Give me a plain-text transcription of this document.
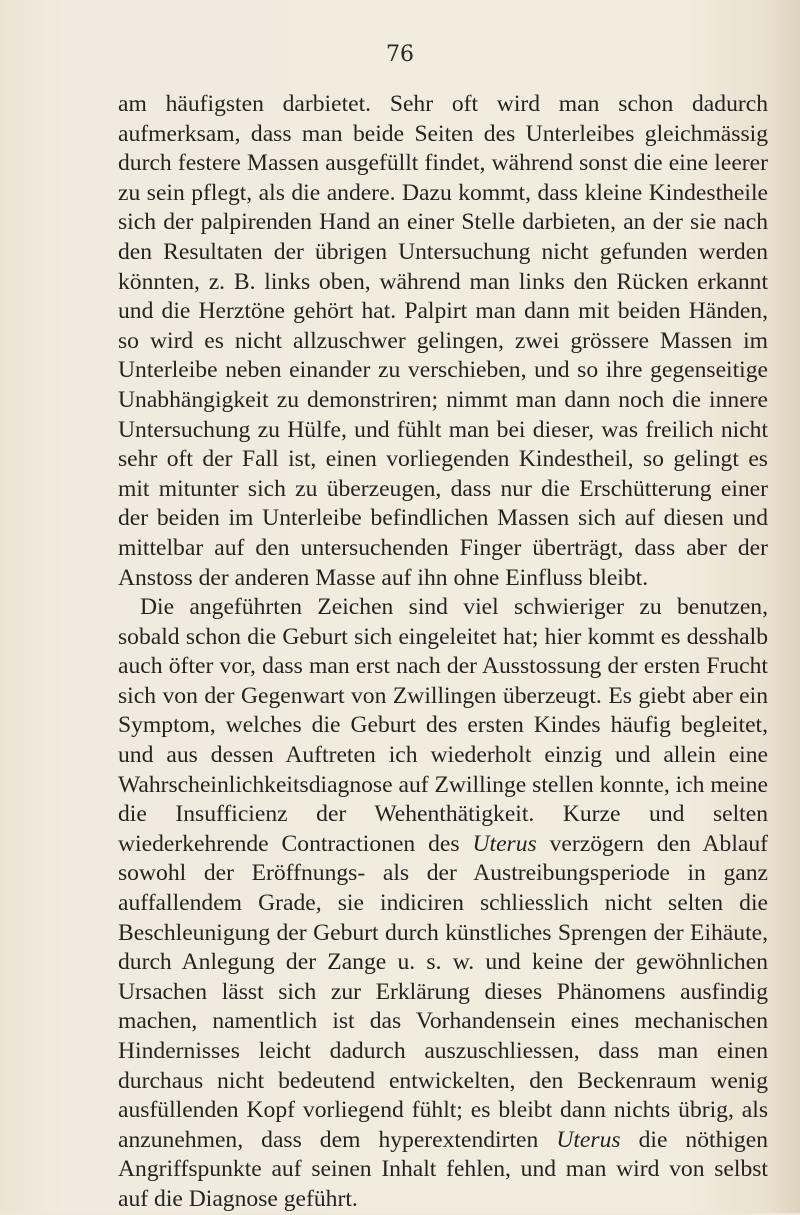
76

am häufigsten darbietet. Sehr oft wird man schon dadurch aufmerksam, dass man beide Seiten des Unterleibes gleichmässig durch festere Massen ausgefüllt findet, während sonst die eine leerer zu sein pflegt, als die andere. Dazu kommt, dass kleine Kindestheile sich der palpirenden Hand an einer Stelle darbieten, an der sie nach den Resultaten der übrigen Untersuchung nicht gefunden werden könnten, z. B. links oben, während man links den Rücken erkannt und die Herztöne gehört hat. Palpirt man dann mit beiden Händen, so wird es nicht allzuschwer gelingen, zwei grössere Massen im Unterleibe neben einander zu verschieben, und so ihre gegenseitige Unabhängigkeit zu demonstriren; nimmt man dann noch die innere Untersuchung zu Hülfe, und fühlt man bei dieser, was freilich nicht sehr oft der Fall ist, einen vorliegenden Kindestheil, so gelingt es mit mitunter sich zu überzeugen, dass nur die Erschütterung einer der beiden im Unterleibe befindlichen Massen sich auf diesen und mittelbar auf den untersuchenden Finger überträgt, dass aber der Anstoss der anderen Masse auf ihn ohne Einfluss bleibt.

Die angeführten Zeichen sind viel schwieriger zu benutzen, sobald schon die Geburt sich eingeleitet hat; hier kommt es desshalb auch öfter vor, dass man erst nach der Ausstossung der ersten Frucht sich von der Gegenwart von Zwillingen überzeugt. Es giebt aber ein Symptom, welches die Geburt des ersten Kindes häufig begleitet, und aus dessen Auftreten ich wiederholt einzig und allein eine Wahrscheinlichkeitsdiagnose auf Zwillinge stellen konnte, ich meine die Insufficienz der Wehenthätigkeit. Kurze und selten wiederkehrende Contractionen des Uterus verzögern den Ablauf sowohl der Eröffnungs- als der Austreibungsperiode in ganz auffallendem Grade, sie indiciren schliesslich nicht selten die Beschleunigung der Geburt durch künstliches Sprengen der Eihäute, durch Anlegung der Zange u. s. w. und keine der gewöhnlichen Ursachen lässt sich zur Erklärung dieses Phänomens ausfindig machen, namentlich ist das Vorhandensein eines mechanischen Hindernisses leicht dadurch auszuschliessen, dass man einen durchaus nicht bedeutend entwickelten, den Beckenraum wenig ausfüllenden Kopf vorliegend fühlt; es bleibt dann nichts übrig, als anzunehmen, dass dem hyperextendirten Uterus die nöthigen Angriffspunkte auf seinen Inhalt fehlen, und man wird von selbst auf die Diagnose geführt.
